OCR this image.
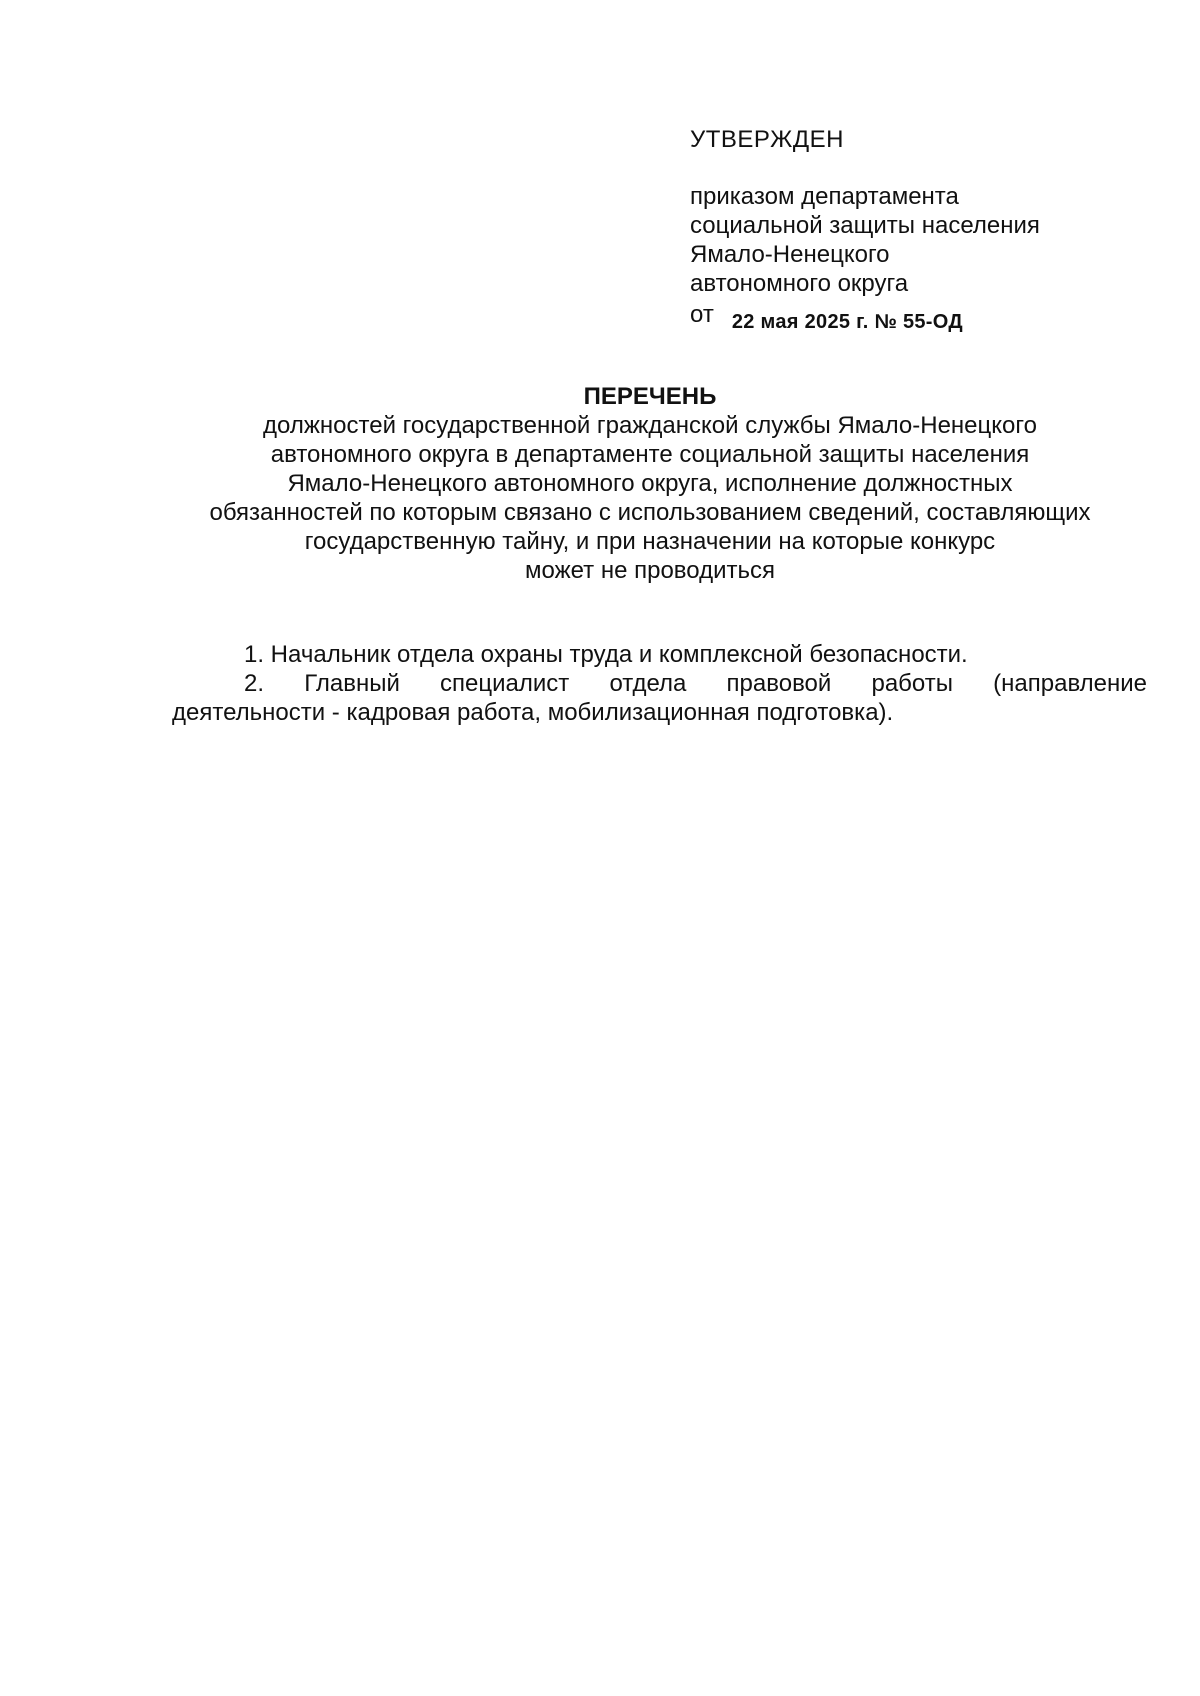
УТВЕРЖДЕН
приказом департамента
социальной защиты населения
Ямало-Ненецкого
автономного округа
от 22 мая 2025 г. № 55-ОД
ПЕРЕЧЕНЬ
должностей государственной гражданской службы Ямало-Ненецкого
автономного округа в департаменте социальной защиты населения
Ямало-Ненецкого автономного округа, исполнение должностных
обязанностей по которым связано с использованием сведений, составляющих
государственную тайну, и при назначении на которые конкурс
может не проводиться
1. Начальник отдела охраны труда и комплексной безопасности.
2. Главный специалист отдела правовой работы (направление
деятельности - кадровая работа, мобилизационная подготовка).
